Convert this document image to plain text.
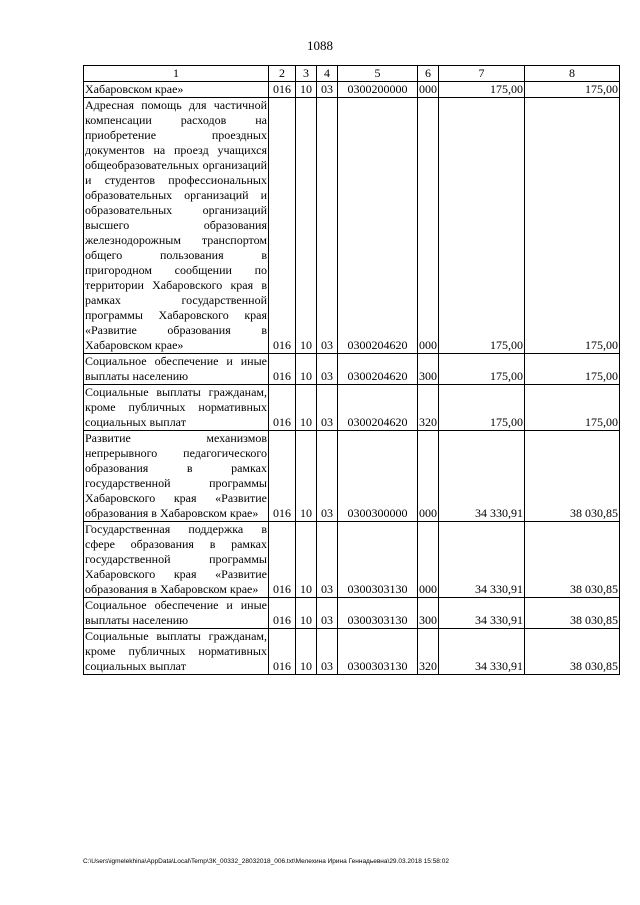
1088
1	2	3	4	5	6	7	8
Хабаровском крае»	016	10	03	0300200000	000	175,00	175,00
Адресная помощь для частичной компенсации расходов на приобретение проездных документов на проезд учащихся общеобразовательных организаций и студентов профессиональных образовательных организаций и образовательных организаций высшего образования железнодорожным транспортом общего пользования в пригородном сообщении по территории Хабаровского края в рамках государственной программы Хабаровского края «Развитие образования в Хабаровском крае»	016	10	03	0300204620	000	175,00	175,00
Социальное обеспечение и иные выплаты населению	016	10	03	0300204620	300	175,00	175,00
Социальные выплаты гражданам, кроме публичных нормативных социальных выплат	016	10	03	0300204620	320	175,00	175,00
Развитие механизмов непрерывного педагогического образования в рамках государственной программы Хабаровского края «Развитие образования в Хабаровском крае»	016	10	03	0300300000	000	34 330,91	38 030,85
Государственная поддержка в сфере образования в рамках государственной программы Хабаровского края «Развитие образования в Хабаровском крае»	016	10	03	0300303130	000	34 330,91	38 030,85
Социальное обеспечение и иные выплаты населению	016	10	03	0300303130	300	34 330,91	38 030,85
Социальные выплаты гражданам, кроме публичных нормативных социальных выплат	016	10	03	0300303130	320	34 330,91	38 030,85
C:\Users\igmelekhina\AppData\Local\Temp\ЗК_00332_28032018_006.txt\Мелехина Ирина Геннадьевна\29.03.2018 15:58:02
